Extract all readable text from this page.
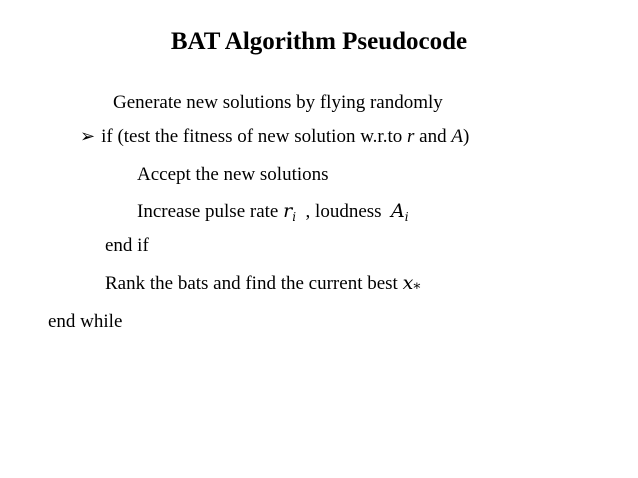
BAT Algorithm Pseudocode
Generate new solutions by flying randomly
➢ if (test the fitness of new solution w.r.to r and A)
Accept the new solutions
Increase pulse rate $r_i$  , loudness  $A_i$
end if
Rank the bats and find the current best $x_*$
end while
